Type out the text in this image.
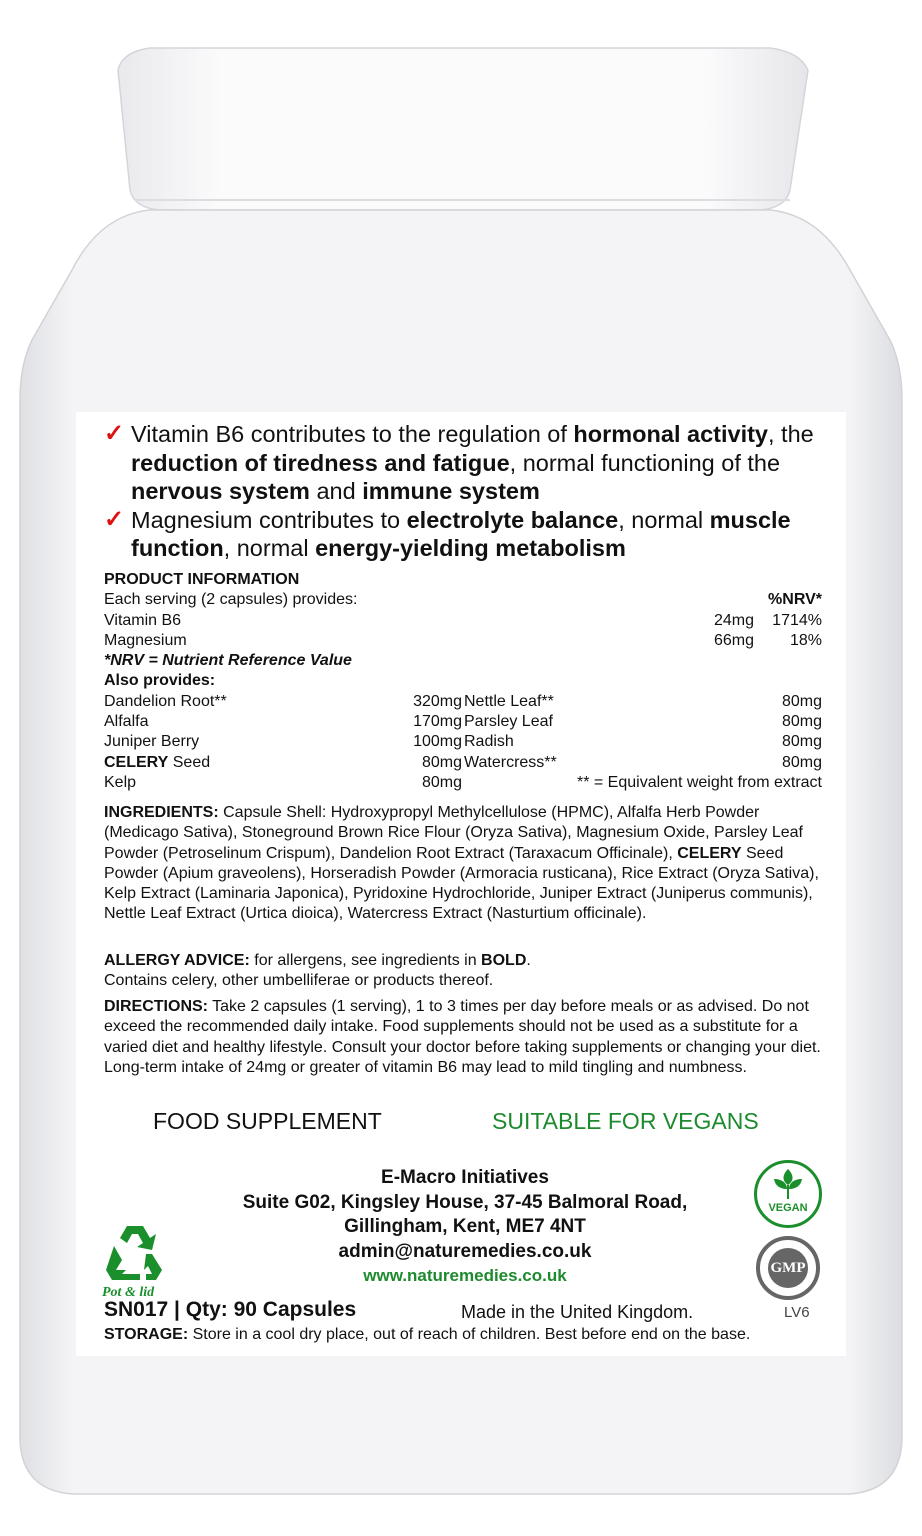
✓ Vitamin B6 contributes to the regulation of hormonal activity, the reduction of tiredness and fatigue, normal functioning of the nervous system and immune system
✓ Magnesium contributes to electrolyte balance, normal muscle function, normal energy-yielding metabolism
PRODUCT INFORMATION
Each serving (2 capsules) provides:	%NRV*
Vitamin B6	24mg 1714%
Magnesium	66mg 18%
*NRV = Nutrient Reference Value
Also provides:
Dandelion Root**	320mg Nettle Leaf**	80mg
Alfalfa	170mg Parsley Leaf	80mg
Juniper Berry	100mg Radish	80mg
CELERY Seed	80mg Watercress**	80mg
Kelp	80mg	** = Equivalent weight from extract
INGREDIENTS: Capsule Shell: Hydroxypropyl Methylcellulose (HPMC), Alfalfa Herb Powder (Medicago Sativa), Stoneground Brown Rice Flour (Oryza Sativa), Magnesium Oxide, Parsley Leaf Powder (Petroselinum Crispum), Dandelion Root Extract (Taraxacum Officinale), CELERY Seed Powder (Apium graveolens), Horseradish Powder (Armoracia rusticana), Rice Extract (Oryza Sativa), Kelp Extract (Laminaria Japonica), Pyridoxine Hydrochloride, Juniper Extract (Juniperus communis), Nettle Leaf Extract (Urtica dioica), Watercress Extract (Nasturtium officinale).
ALLERGY ADVICE: for allergens, see ingredients in BOLD.
Contains celery, other umbelliferae or products thereof.
DIRECTIONS: Take 2 capsules (1 serving), 1 to 3 times per day before meals or as advised. Do not exceed the recommended daily intake. Food supplements should not be used as a substitute for a varied diet and healthy lifestyle. Consult your doctor before taking supplements or changing your diet.
Long-term intake of 24mg or greater of vitamin B6 may lead to mild tingling and numbness.
FOOD SUPPLEMENT	SUITABLE FOR VEGANS
E-Macro Initiatives
Suite G02, Kingsley House, 37-45 Balmoral Road,
Gillingham, Kent, ME7 4NT
admin@naturemedies.co.uk
www.naturemedies.co.uk
Pot & lid
VEGAN
GMP
SN017 | Qty: 90 Capsules	Made in the United Kingdom.	LV6
STORAGE: Store in a cool dry place, out of reach of children. Best before end on the base.
